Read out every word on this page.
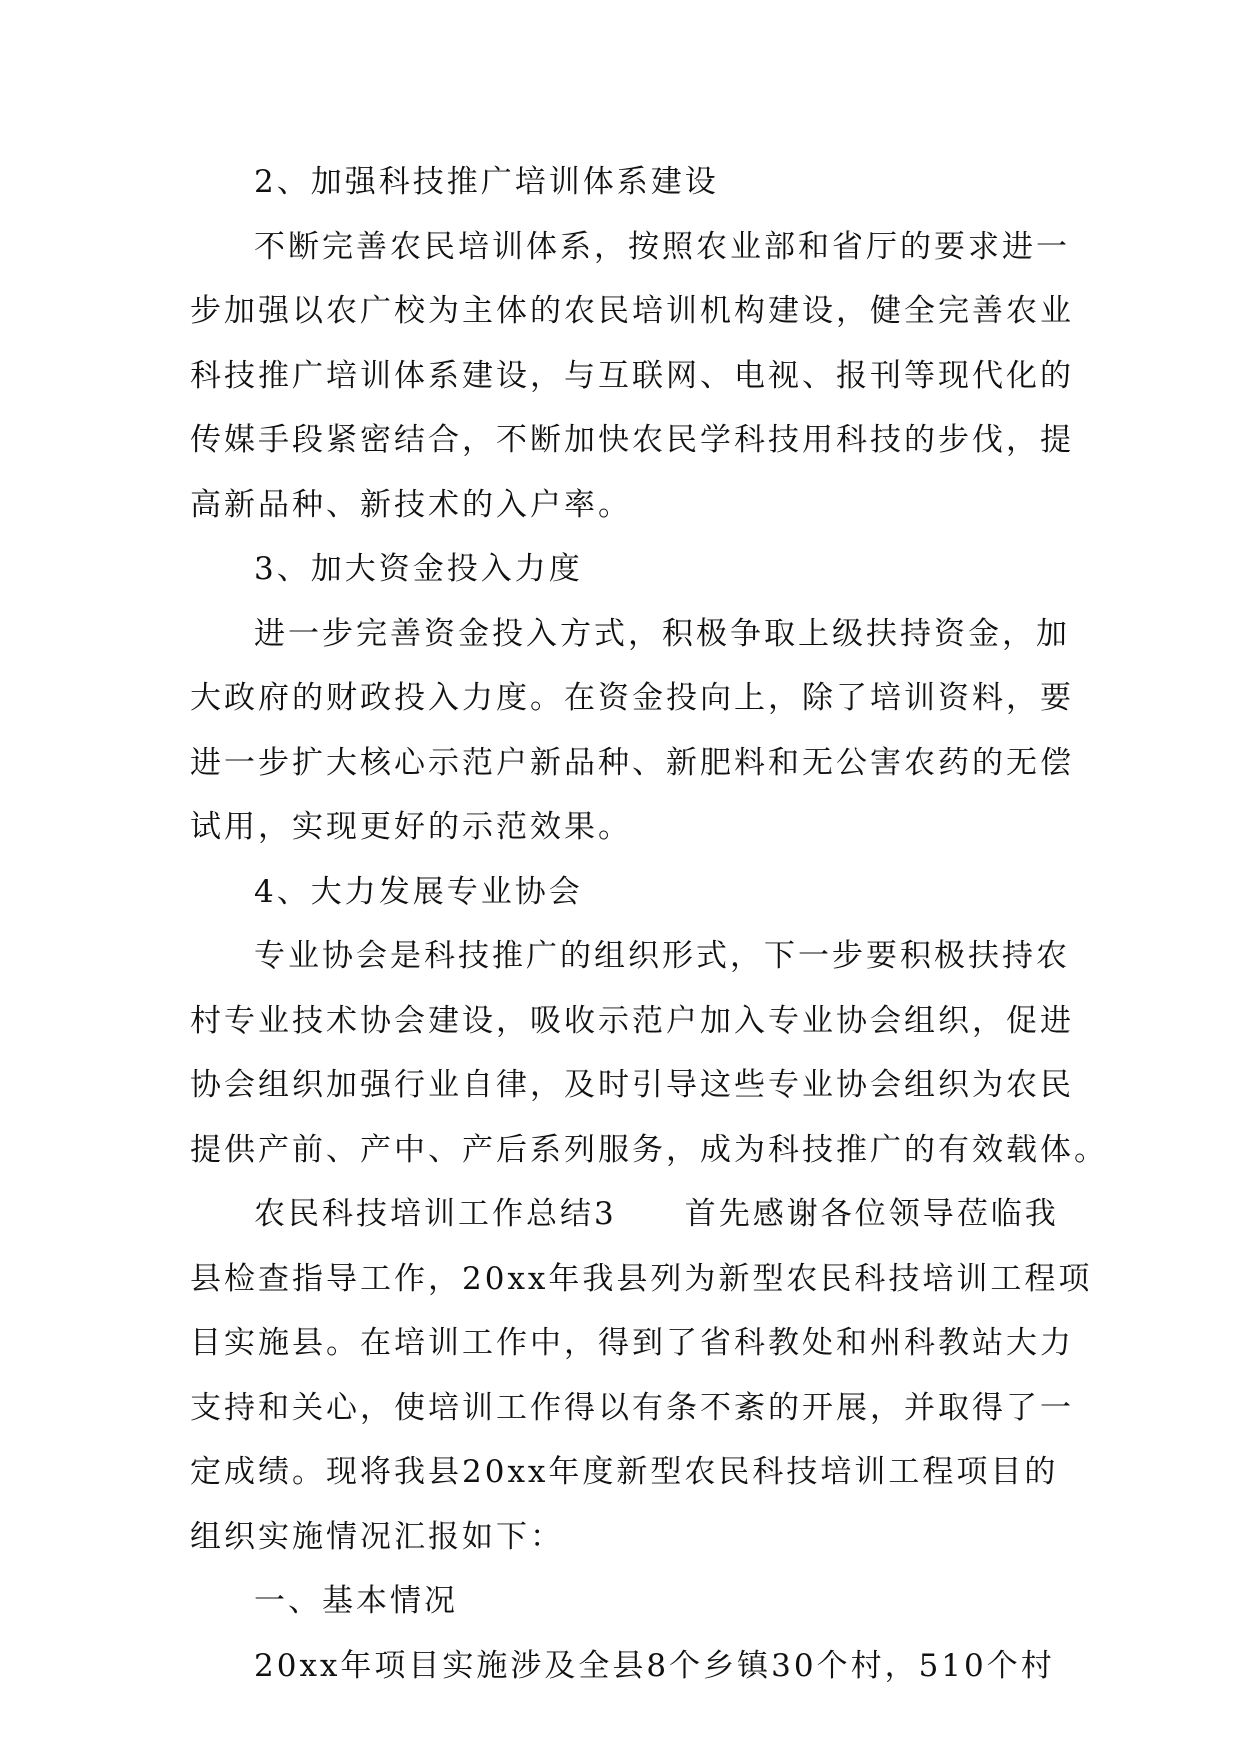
2、加强科技推广培训体系建设
不断完善农民培训体系，按照农业部和省厅的要求进一
步加强以农广校为主体的农民培训机构建设，健全完善农业
科技推广培训体系建设，与互联网、电视、报刊等现代化的
传媒手段紧密结合，不断加快农民学科技用科技的步伐，提
高新品种、新技术的入户率。
3、加大资金投入力度
进一步完善资金投入方式，积极争取上级扶持资金，加
大政府的财政投入力度。在资金投向上，除了培训资料，要
进一步扩大核心示范户新品种、新肥料和无公害农药的无偿
试用，实现更好的示范效果。
4、大力发展专业协会
专业协会是科技推广的组织形式，下一步要积极扶持农
村专业技术协会建设，吸收示范户加入专业协会组织，促进
协会组织加强行业自律，及时引导这些专业协会组织为农民
提供产前、产中、产后系列服务，成为科技推广的有效载体。
农民科技培训工作总结3　　首先感谢各位领导莅临我
县检查指导工作，20xx年我县列为新型农民科技培训工程项
目实施县。在培训工作中，得到了省科教处和州科教站大力
支持和关心，使培训工作得以有条不紊的开展，并取得了一
定成绩。现将我县20xx年度新型农民科技培训工程项目的
组织实施情况汇报如下：
一、基本情况
20xx年项目实施涉及全县8个乡镇30个村，510个村
